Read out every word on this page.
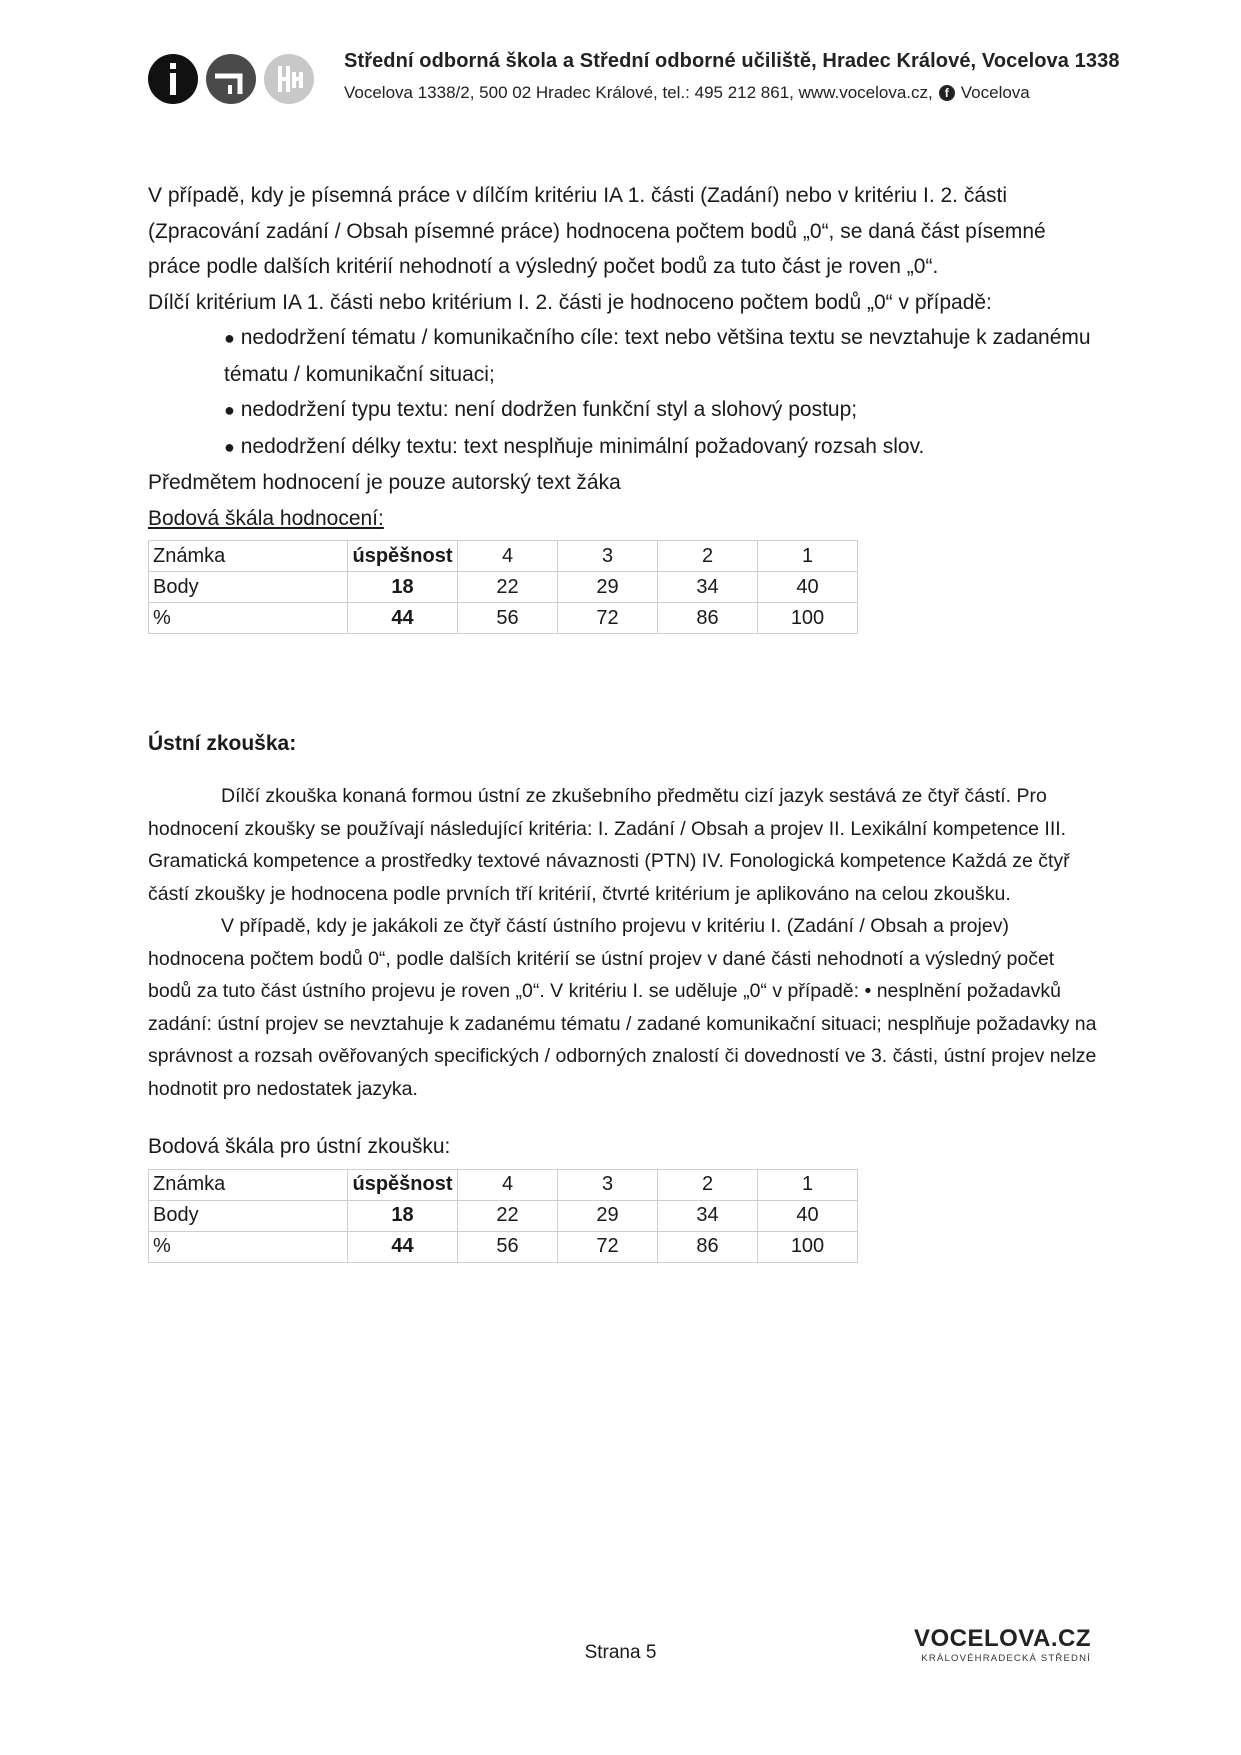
Střední odborná škola a Střední odborné učiliště, Hradec Králové, Vocelova 1338
Vocelova 1338/2, 500 02 Hradec Králové, tel.: 495 212 861, www.vocelova.cz,	f Vocelova

V případě, kdy je písemná práce v dílčím kritériu IA 1. části (Zadání) nebo v kritériu I. 2. části (Zpracování zadání / Obsah písemné práce) hodnocena počtem bodů „0“, se daná část písemné práce podle dalších kritérií nehodnotí a výsledný počet bodů za tuto část je roven „0“.

Dílčí kritérium IA 1. části nebo kritérium I. 2. části je hodnoceno počtem bodů „0“ v případě:

● nedodržení tématu / komunikačního cíle: text nebo většina textu se nevztahuje k zadanému tématu / komunikační situaci;
● nedodržení typu textu: není dodržen funkční styl a slohový postup;
● nedodržení délky textu: text nesplňuje minimální požadovaný rozsah slov.

Předmětem hodnocení je pouze autorský text žáka

Bodová škála hodnocení:

Známka	úspěšnost	4	3	2	1
Body	18	22	29	34	40
%	44	56	72	86	100

Ústní zkouška:

Dílčí zkouška konaná formou ústní ze zkušebního předmětu cizí jazyk sestává ze čtyř částí. Pro hodnocení zkoušky se používají následující kritéria: I. Zadání / Obsah a projev II. Lexikální kompetence III. Gramatická kompetence a prostředky textové návaznosti (PTN) IV. Fonologická kompetence Každá ze čtyř částí zkoušky je hodnocena podle prvních tří kritérií, čtvrté kritérium je aplikováno na celou zkoušku.

V případě, kdy je jakákoli ze čtyř částí ústního projevu v kritériu I. (Zadání / Obsah a projev) hodnocena počtem bodů 0“, podle dalších kritérií se ústní projev v dané části nehodnotí a výsledný počet bodů za tuto část ústního projevu je roven „0“. V kritériu I. se uděluje „0“ v případě: • nesplnění požadavků zadání: ústní projev se nevztahuje k zadanému tématu / zadané komunikační situaci; nesplňuje požadavky na správnost a rozsah ověřovaných specifických / odborných znalostí či dovedností ve 3. části, ústní projev nelze hodnotit pro nedostatek jazyka.

Bodová škála pro ústní zkoušku:

Známka	úspěšnost	4	3	2	1
Body	18	22	29	34	40
%	44	56	72	86	100
Strana 5
VOCELOVA.CZ
KRÁLOVÉHRADECKÁ STŘEDNÍ
